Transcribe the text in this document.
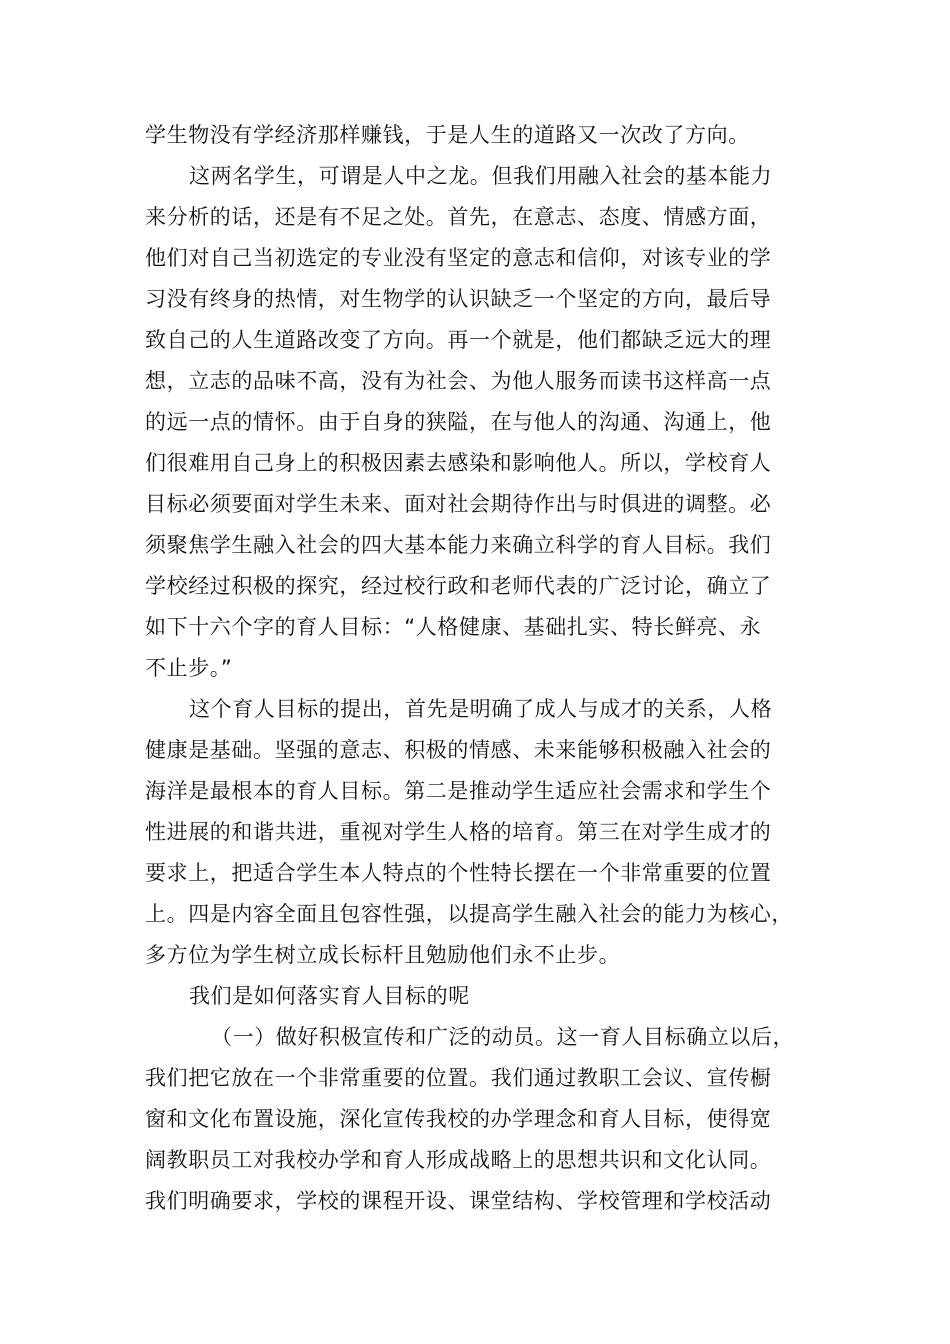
学生物没有学经济那样赚钱，于是人生的道路又一次改了方向。
这两名学生，可谓是人中之龙。但我们用融入社会的基本能力
来分析的话，还是有不足之处。首先，在意志、态度、情感方面，
他们对自己当初选定的专业没有坚定的意志和信仰，对该专业的学
习没有终身的热情，对生物学的认识缺乏一个坚定的方向，最后导
致自己的人生道路改变了方向。再一个就是，他们都缺乏远大的理
想，立志的品味不高，没有为社会、为他人服务而读书这样高一点
的远一点的情怀。由于自身的狭隘，在与他人的沟通、沟通上，他
们很难用自己身上的积极因素去感染和影响他人。所以，学校育人
目标必须要面对学生未来、面对社会期待作出与时俱进的调整。必
须聚焦学生融入社会的四大基本能力来确立科学的育人目标。我们
学校经过积极的探究，经过校行政和老师代表的广泛讨论，确立了
如下十六个字的育人目标：“人格健康、基础扎实、特长鲜亮、永
不止步。”
这个育人目标的提出，首先是明确了成人与成才的关系，人格
健康是基础。坚强的意志、积极的情感、未来能够积极融入社会的
海洋是最根本的育人目标。第二是推动学生适应社会需求和学生个
性进展的和谐共进，重视对学生人格的培育。第三在对学生成才的
要求上，把适合学生本人特点的个性特长摆在一个非常重要的位置
上。四是内容全面且包容性强，以提高学生融入社会的能力为核心，
多方位为学生树立成长标杆且勉励他们永不止步。
我们是如何落实育人目标的呢
（一）做好积极宣传和广泛的动员。这一育人目标确立以后，
我们把它放在一个非常重要的位置。我们通过教职工会议、宣传橱
窗和文化布置设施，深化宣传我校的办学理念和育人目标，使得宽
阔教职员工对我校办学和育人形成战略上的思想共识和文化认同。
我们明确要求，学校的课程开设、课堂结构、学校管理和学校活动
